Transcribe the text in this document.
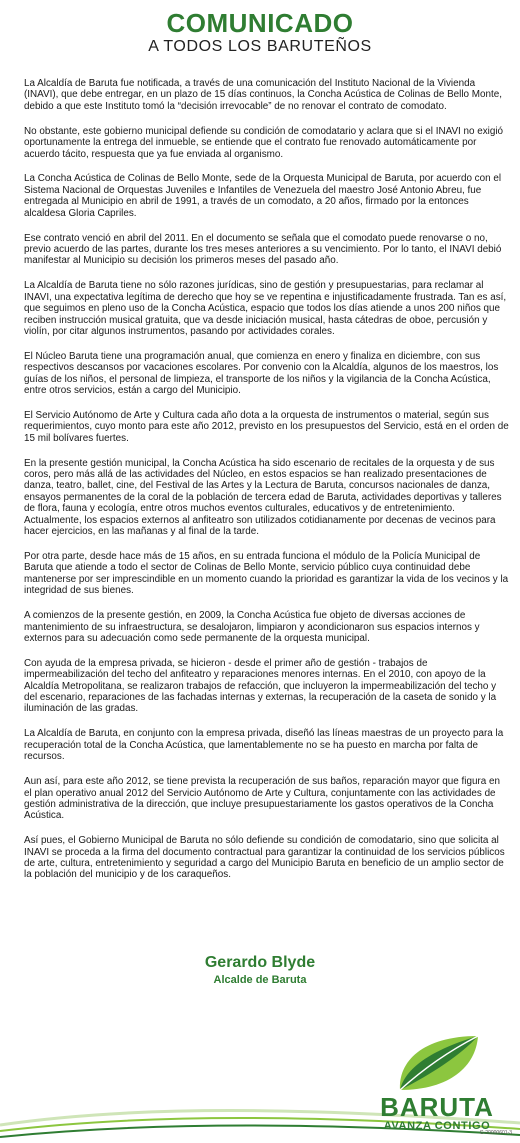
COMUNICADO
A TODOS LOS BARUTEÑOS

La Alcaldía de Baruta fue notificada, a través de una comunicación del Instituto Nacional de la Vivienda (INAVI), que debe entregar, en un plazo de 15 días continuos, la Concha Acústica de Colinas de Bello Monte, debido a que este Instituto tomó la “decisión irrevocable” de no renovar el contrato de comodato.

No obstante, este gobierno municipal defiende su condición de comodatario y aclara que si el INAVI no exigió oportunamente la entrega del inmueble, se entiende que el contrato fue renovado automáticamente por acuerdo tácito, respuesta que ya fue enviada al organismo.

La Concha Acústica de Colinas de Bello Monte, sede de la Orquesta Municipal de Baruta, por acuerdo con el Sistema Nacional de Orquestas Juveniles e Infantiles de Venezuela del maestro José Antonio Abreu, fue entregada al Municipio en abril de 1991, a través de un comodato, a 20 años, firmado por la entonces alcaldesa Gloria Capriles.

Ese contrato venció en abril del 2011. En el documento se señala que el comodato puede renovarse o no, previo acuerdo de las partes, durante los tres meses anteriores a su vencimiento. Por lo tanto, el INAVI debió manifestar al Municipio su decisión los primeros meses del pasado año.

La Alcaldía de Baruta tiene no sólo razones jurídicas, sino de gestión y presupuestarias, para reclamar al INAVI, una expectativa legítima de derecho que hoy se ve repentina e injustificadamente frustrada. Tan es así, que seguimos en pleno uso de la Concha Acústica, espacio que todos los días atiende a unos 200 niños que reciben instrucción musical gratuita, que va desde iniciación musical, hasta cátedras de oboe, percusión y violín, por citar algunos instrumentos, pasando por actividades corales.

El Núcleo Baruta tiene una programación anual, que comienza en enero y finaliza en diciembre, con sus respectivos descansos por vacaciones escolares. Por convenio con la Alcaldía, algunos de los maestros, los guías de los niños, el personal de limpieza, el transporte de los niños y la vigilancia de la Concha Acústica, entre otros servicios, están a cargo del Municipio.

El Servicio Autónomo de Arte y Cultura cada año dota a la orquesta de instrumentos o material, según sus requerimientos, cuyo monto para este año 2012, previsto en los presupuestos del Servicio, está en el orden de 15 mil bolívares fuertes.

En la presente gestión municipal, la Concha Acústica ha sido escenario de recitales de la orquesta y de sus coros, pero más allá de las actividades del Núcleo, en estos espacios se han realizado presentaciones de danza, teatro, ballet, cine, del Festival de las Artes y la Lectura de Baruta, concursos nacionales de danza, ensayos permanentes de la coral de la población de tercera edad de Baruta, actividades deportivas y talleres de flora, fauna y ecología, entre otros muchos eventos culturales, educativos y de entretenimiento. Actualmente, los espacios externos al anfiteatro son utilizados cotidianamente por decenas de vecinos para hacer ejercicios, en las mañanas y al final de la tarde.

Por otra parte, desde hace más de 15 años, en su entrada funciona el módulo de la Policía Municipal de Baruta que atiende a todo el sector de Colinas de Bello Monte, servicio público cuya continuidad debe mantenerse por ser imprescindible en un momento cuando la prioridad es garantizar la vida de los vecinos y la integridad de sus bienes.

A comienzos de la presente gestión, en 2009, la Concha Acústica fue objeto de diversas acciones de mantenimiento de su infraestructura, se desalojaron, limpiaron y acondicionaron sus espacios internos y externos para su adecuación como sede permanente de la orquesta municipal.

Con ayuda de la empresa privada, se hicieron - desde el primer año de gestión - trabajos de impermeabilización del techo del anfiteatro y reparaciones menores internas. En el 2010, con apoyo de la Alcaldía Metropolitana, se realizaron trabajos de refacción, que incluyeron la impermeabilización del techo y del escenario, reparaciones de las fachadas internas y externas, la recuperación de la caseta de sonido y la iluminación de las gradas.

La Alcaldía de Baruta, en conjunto con la empresa privada, diseñó las líneas maestras de un proyecto para la recuperación total de la Concha Acústica, que lamentablemente no se ha puesto en marcha por falta de recursos.

Aun así, para este año 2012, se tiene prevista la recuperación de sus baños, reparación mayor que figura en el plan operativo anual 2012 del Servicio Autónomo de Arte y Cultura, conjuntamente con las actividades de gestión administrativa de la dirección, que incluye presupuestariamente los gastos operativos de la Concha Acústica.

Así pues, el Gobierno Municipal de Baruta no sólo defiende su condición de comodatario, sino que solicita al INAVI se proceda a la firma del documento contractual para garantizar la continuidad de los servicios públicos de arte, cultura, entretenimiento y seguridad a cargo del Municipio Baruta en beneficio de un amplio sector de la población del municipio y de los caraqueños.

Gerardo Blyde
Alcalde de Baruta
BARUTA
AVANZA CONTIGO
G-20000601-3
